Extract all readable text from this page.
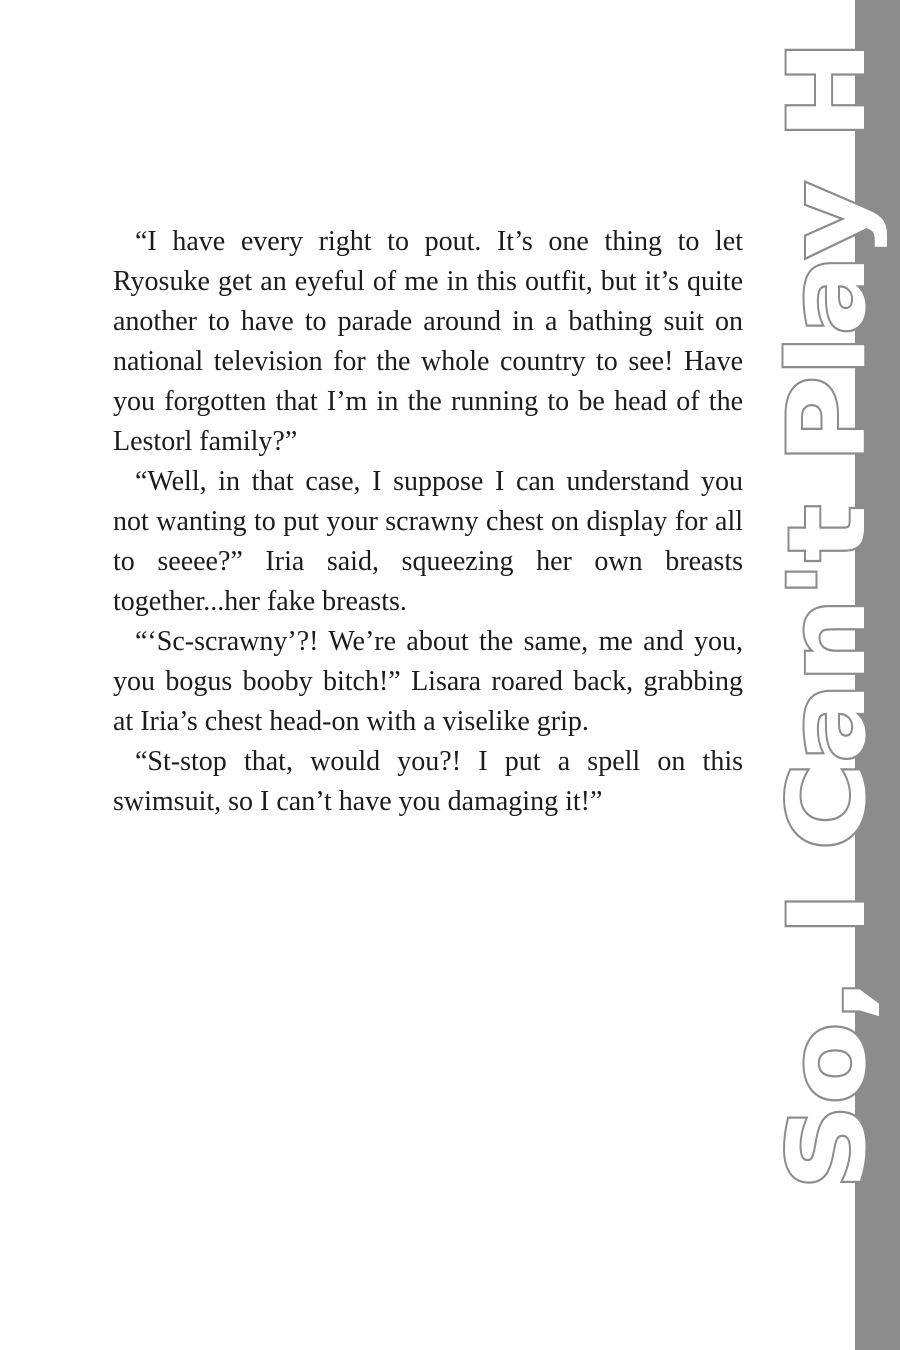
“I have every right to pout. It’s one thing to let Ryosuke get an eyeful of me in this outfit, but it’s quite another to have to parade around in a bathing suit on national television for the whole country to see! Have you forgotten that I’m in the running to be head of the Lestorl family?”

“Well, in that case, I suppose I can understand you not wanting to put your scrawny chest on display for all to seeee?” Iria said, squeezing her own breasts together...her fake breasts.

“‘Sc-scrawny’?! We’re about the same, me and you, you bogus booby bitch!” Lisara roared back, grabbing at Iria’s chest head-on with a viselike grip.

“St-stop that, would you?! I put a spell on this swimsuit, so I can’t have you damaging it!”	So, I Can't Play H
